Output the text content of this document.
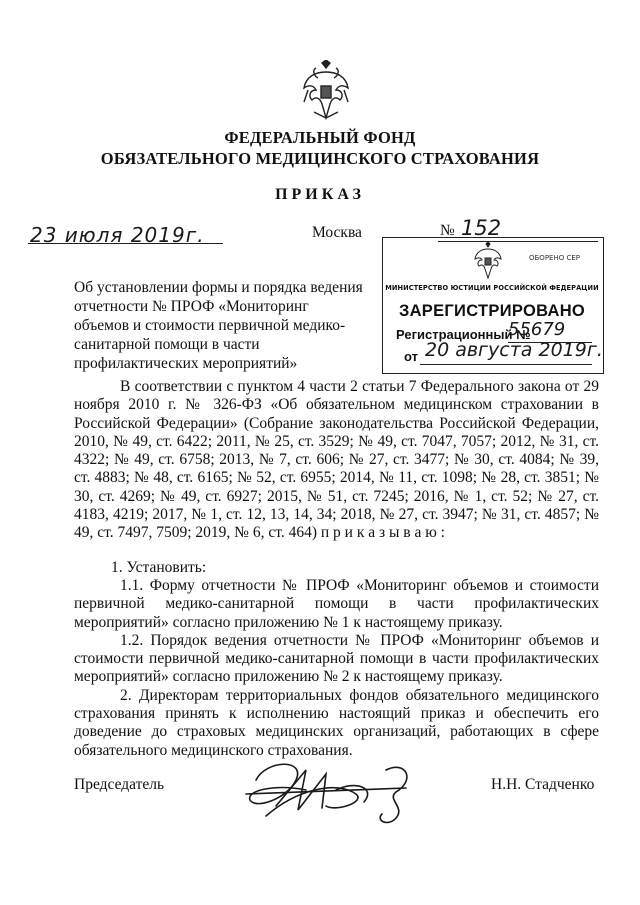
ФЕДЕРАЛЬНЫЙ ФОНД
ОБЯЗАТЕЛЬНОГО МЕДИЦИНСКОГО СТРАХОВАНИЯ
ПРИКАЗ
23 июля 2019г.	Москва	№ 152
Об установлении формы и порядка ведения
отчетности № ПРОФ «Мониторинг
объемов и стоимости первичной медико-
санитарной помощи в части
профилактических мероприятий»
ОБОРЕНО СЕР
МИНИСТЕРСТВО ЮСТИЦИИ РОССИЙСКОЙ ФЕДЕРАЦИИ
ЗАРЕГИСТРИРОВАНО
Регистрационный №
55679
от 20 августа 2019г.

В соответствии с пунктом 4 части 2 статьи 7 Федерального закона от 29 ноября 2010 г. № 326-ФЗ «Об обязательном медицинском страховании в Российской Федерации» (Собрание законодательства Российской Федерации, 2010, № 49, ст. 6422; 2011, № 25, ст. 3529; № 49, ст. 7047, 7057; 2012, № 31, ст. 4322; № 49, ст. 6758; 2013, № 7, ст. 606; № 27, ст. 3477; № 30, ст. 4084; № 39, ст. 4883; № 48, ст. 6165; № 52, ст. 6955; 2014, № 11, ст. 1098; № 28, ст. 3851; № 30, ст. 4269; № 49, ст. 6927; 2015, № 51, ст. 7245; 2016, № 1, ст. 52; № 27, ст. 4183, 4219; 2017, № 1, ст. 12, 13, 14, 34; 2018, № 27, ст. 3947; № 31, ст. 4857; № 49, ст. 7497, 7509; 2019, № 6, ст. 464) п р и к а з ы в а ю :

1. Установить:

1.1. Форму отчетности № ПРОФ «Мониторинг объемов и стоимости первичной медико-санитарной помощи в части профилактических мероприятий» согласно приложению № 1 к настоящему приказу.

1.2. Порядок ведения отчетности № ПРОФ «Мониторинг объемов и стоимости первичной медико-санитарной помощи в части профилактических мероприятий» согласно приложению № 2 к настоящему приказу.

2. Директорам территориальных фондов обязательного медицинского страхования принять к исполнению настоящий приказ и обеспечить его доведение до страховых медицинских организаций, работающих в сфере обязательного медицинского страхования.

Председатель	Н.Н. Стадченко
